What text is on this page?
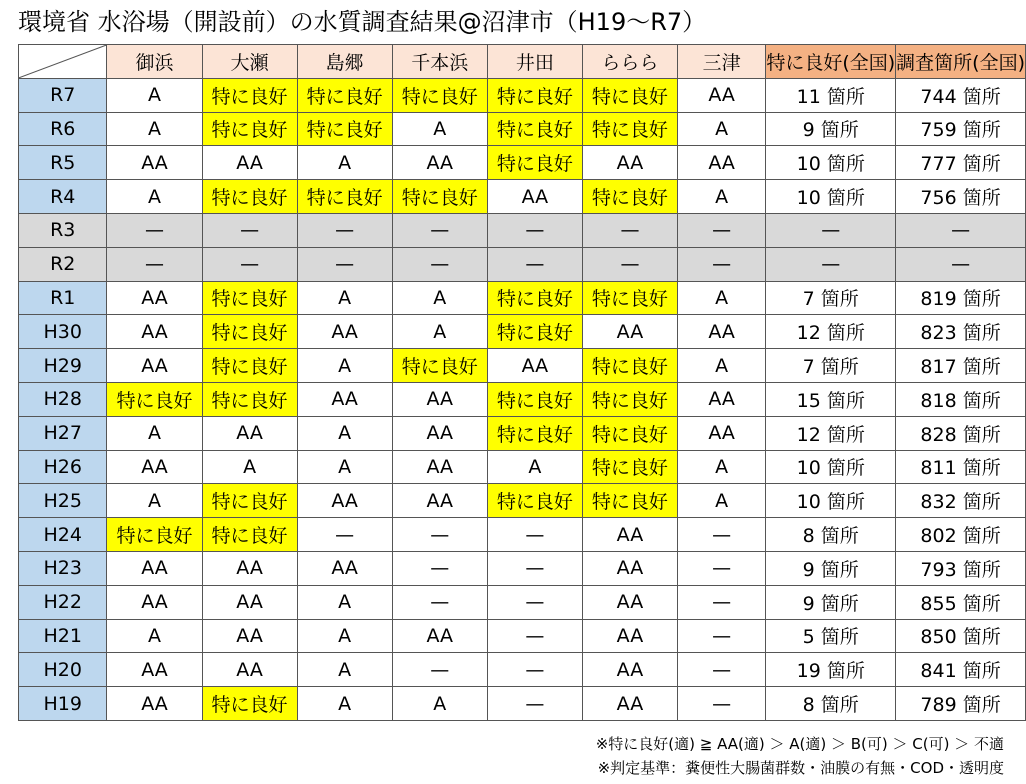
環境省 水浴場（開設前）の水質調査結果@沼津市（H19〜R7）
	御浜	大瀬	島郷	千本浜	井田	ららら	三津	特に良好(全国)	調査箇所(全国)
R7	A	特に良好	特に良好	特に良好	特に良好	特に良好	AA	11 箇所	744 箇所
R6	A	特に良好	特に良好	A	特に良好	特に良好	A	9 箇所	759 箇所
R5	AA	AA	A	AA	特に良好	AA	AA	10 箇所	777 箇所
R4	A	特に良好	特に良好	特に良好	AA	特に良好	A	10 箇所	756 箇所
R3	—	—	—	—	—	—	—	—	—
R2	—	—	—	—	—	—	—	—	—
R1	AA	特に良好	A	A	特に良好	特に良好	A	7 箇所	819 箇所
H30	AA	特に良好	AA	A	特に良好	AA	AA	12 箇所	823 箇所
H29	AA	特に良好	A	特に良好	AA	特に良好	A	7 箇所	817 箇所
H28	特に良好	特に良好	AA	AA	特に良好	特に良好	AA	15 箇所	818 箇所
H27	A	AA	A	AA	特に良好	特に良好	AA	12 箇所	828 箇所
H26	AA	A	A	AA	A	特に良好	A	10 箇所	811 箇所
H25	A	特に良好	AA	AA	特に良好	特に良好	A	10 箇所	832 箇所
H24	特に良好	特に良好	—	—	—	AA	—	8 箇所	802 箇所
H23	AA	AA	AA	—	—	AA	—	9 箇所	793 箇所
H22	AA	AA	A	—	—	AA	—	9 箇所	855 箇所
H21	A	AA	A	AA	—	AA	—	5 箇所	850 箇所
H20	AA	AA	A	—	—	AA	—	19 箇所	841 箇所
H19	AA	特に良好	A	A	—	AA	—	8 箇所	789 箇所
※特に良好(適) ≧ AA(適) ＞ A(適) ＞ B(可) ＞ C(可) ＞ 不適
※判定基準：糞便性大腸菌群数・油膜の有無・COD・透明度
